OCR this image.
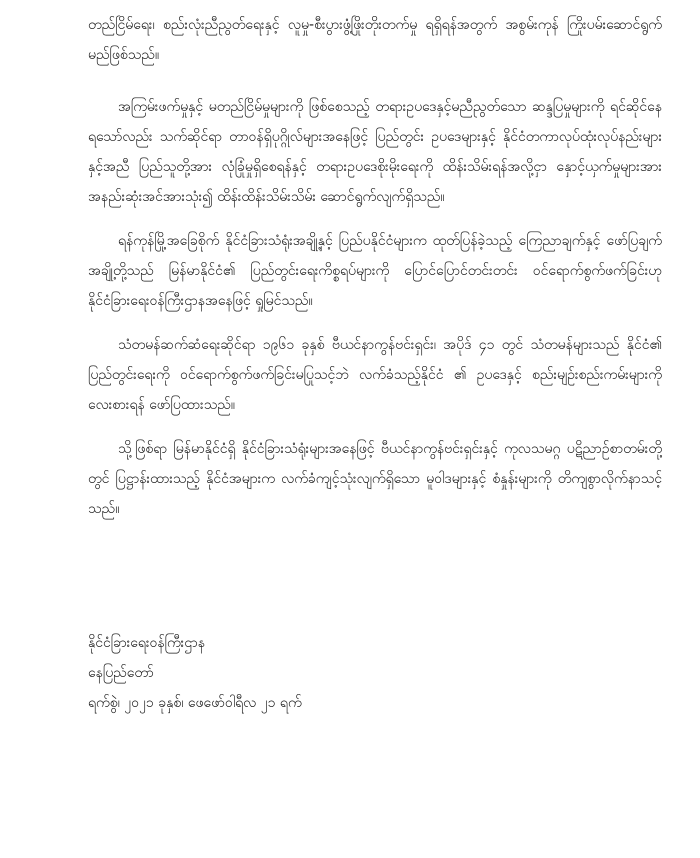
တည်ငြိမ်ရေး၊ စည်းလုံးညီညွတ်ရေးနှင့် လူမှု-စီးပွားဖွံ့ဖြိုးတိုးတက်မှု ရရှိရန်အတွက် အစွမ်းကုန် ကြိုးပမ်းဆောင်ရွက်မည်ဖြစ်သည်။

အကြမ်းဖက်မှုနှင့် မတည်ငြိမ်မှုများကို ဖြစ်စေသည့် တရားဥပဒေနှင့်မညီညွတ်သော ဆန္ဒပြမှုများကို ရင်ဆိုင်နေရသော်လည်း သက်ဆိုင်ရာ တာဝန်ရှိပုဂ္ဂိုလ်များအနေဖြင့် ပြည်တွင်း ဥပဒေများနှင့် နိုင်ငံတကာလုပ်ထုံးလုပ်နည်းများနှင့်အညီ ပြည်သူတို့အား လုံခြုံမှုရှိစေရန်နှင့် တရားဥပဒေစိုးမိုးရေးကို ထိန်းသိမ်းရန်အလို့ငှာ နှောင့်ယှက်မှုများအား အနည်းဆုံးအင်အားသုံး၍ ထိန်းထိန်းသိမ်းသိမ်း ဆောင်ရွက်လျက်ရှိသည်။

ရန်ကုန်မြို့အခြေစိုက် နိုင်ငံခြားသံရုံးအချို့နှင့် ပြည်ပနိုင်ငံများက ထုတ်ပြန်ခဲ့သည့် ကြေညာချက်နှင့် ဖော်ပြချက်အချို့တို့သည် မြန်မာနိုင်ငံ၏ ပြည်တွင်းရေးကိစ္စရပ်များကို ပြောင်ပြောင်တင်းတင်း ဝင်ရောက်စွက်ဖက်ခြင်းဟု နိုင်ငံခြားရေးဝန်ကြီးဌာနအနေဖြင့် ရှုမြင်သည်။

သံတမန်ဆက်ဆံရေးဆိုင်ရာ ၁၉၆၁ ခုနှစ် ဗီယင်နာကွန်ဗင်းရှင်း၊ အပိုဒ် ၄၁ တွင် သံတမန်များသည် နိုင်ငံ၏ ပြည်တွင်းရေးကို ဝင်ရောက်စွက်ဖက်ခြင်းမပြုသင့်ဘဲ လက်ခံသည့်နိုင်ငံ ၏ ဥပဒေနှင့် စည်းမျဉ်းစည်းကမ်းများကို လေးစားရန် ဖော်ပြထားသည်။

သို့ဖြစ်ရာ မြန်မာနိုင်ငံရှိ နိုင်ငံခြားသံရုံးများအနေဖြင့် ဗီယင်နာကွန်ဗင်းရှင်းနှင့် ကုလသမဂ္ဂ ပဋိညာဉ်စာတမ်းတို့တွင် ပြဋ္ဌာန်းထားသည့် နိုင်ငံအများက လက်ခံကျင့်သုံးလျက်ရှိသော မူဝါဒများနှင့် စံနှုန်းများကို တိကျစွာလိုက်နာသင့်သည်။

နိုင်ငံခြားရေးဝန်ကြီးဌာန
နေပြည်တော်
ရက်စွဲ၊ ၂၀၂၁ ခုနှစ်၊ ဖေဖော်ဝါရီလ ၂၁ ရက်
